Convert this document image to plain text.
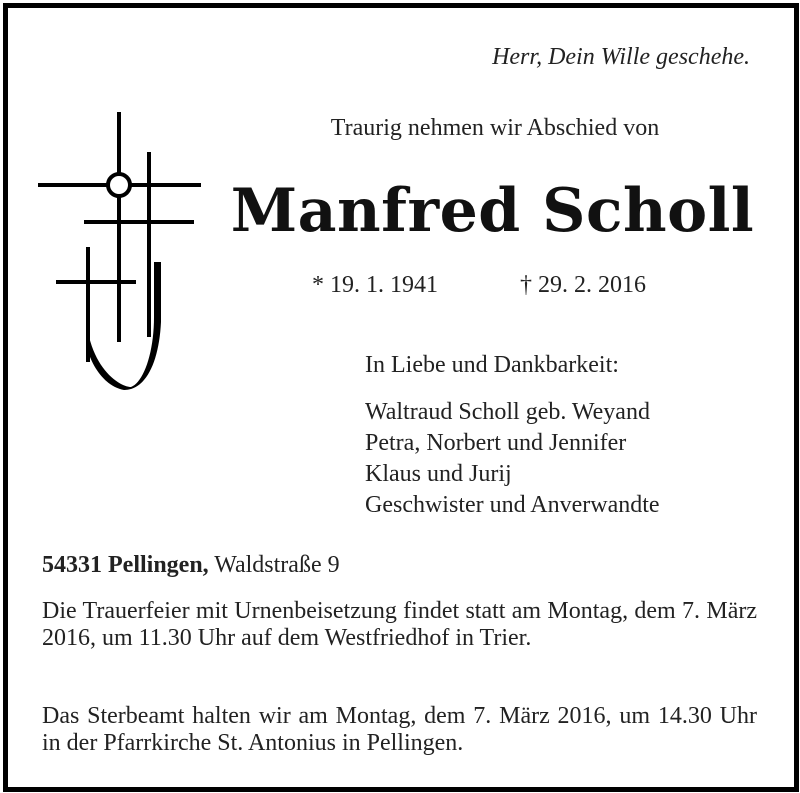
Herr, Dein Wille geschehe.
Traurig nehmen wir Abschied von
Manfred Scholl
* 19. 1. 1941	† 29. 2. 2016
In Liebe und Dankbarkeit:
Waltraud Scholl geb. Weyand
Petra, Norbert und Jennifer
Klaus und Jurij
Geschwister und Anverwandte
54331 Pellingen, Waldstraße 9

Die Trauerfeier mit Urnenbeisetzung findet statt am Montag, dem 7. März 2016, um 11.30 Uhr auf dem Westfriedhof in Trier.

Das Sterbeamt halten wir am Montag, dem 7. März 2016, um 14.30 Uhr in der Pfarrkirche St. Antonius in Pellingen.
